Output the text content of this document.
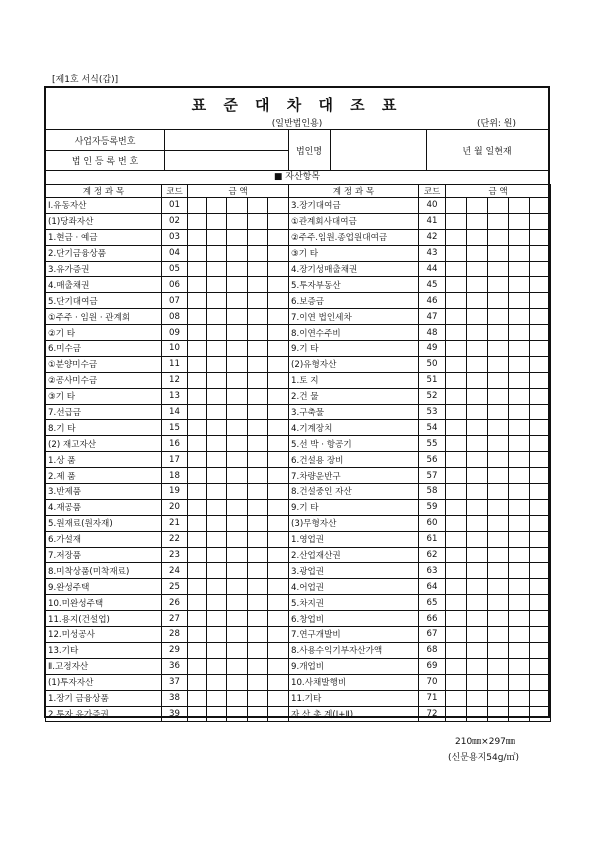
[제1호 서식(갑)]
표 준 대 차 대 조 표
(일반법인용)	(단위: 원)
사업자등록번호
법 인 등 록 번 호
법인명	년 월 일현재
■ 자산항목
계 정 과 목	코드	금 액				
Ⅰ.유동자산	01					
(1)당좌자산	02					
1.현금 · 예금	03					
2.단기금융상품	04					
3.유가증권	05					
4.매출채권	06					
5.단기대여금	07					
①주주 · 임원 · 관계회	08					
②기 타	09					
6.미수금	10					
①분양미수금	11					
②공사미수금	12					
③기 타	13					
7.선급금	14					
8.기 타	15					
(2) 재고자산	16					
1.상 품	17					
2.제 품	18					
3.반제품	19					
4.재공품	20					
5.원재료(원자재)	21					
6.가설재	22					
7.저장품	23					
8.미착상품(미착재료)	24					
9.완성주택	25					
10.미완성주택	26					
11.용지(건설업)	27					
12.미성공사	28					
13.기타	29					
Ⅱ.고정자산	36					
(1)투자자산	37					
1.장기 금융상품	38					
2.투자 유가증권	39					
계 정 과 목	코드	금 액				
3.장기대여금	40					
①관계회사대여금	41					
②주주.임원.종업원대여금	42					
③기 타	43					
4.장기성매출채권	44					
5.투자부동산	45					
6.보증금	46					
7.이연 법인세차	47					
8.이연수주비	48					
9.기 타	49					
(2)유형자산	50					
1.토 지	51					
2.건 물	52					
3.구축물	53					
4.기계장치	54					
5.선 박 · 항공기	55					
6.건설용 장비	56					
7.차량운반구	57					
8.건설중인 자산	58					
9.기 타	59					
(3)무형자산	60					
1.영업권	61					
2.산업재산권	62					
3.광업권	63					
4.어업권	64					
5.차지권	65					
6.창업비	66					
7.연구개발비	67					
8.사용수익기부자산가액	68					
9.개업비	69					
10.사채발행비	70					
11.기타	71					
자 산 총 계(Ⅰ+Ⅱ)	72					
210㎜×297㎜
(신문용지54g/㎡)
